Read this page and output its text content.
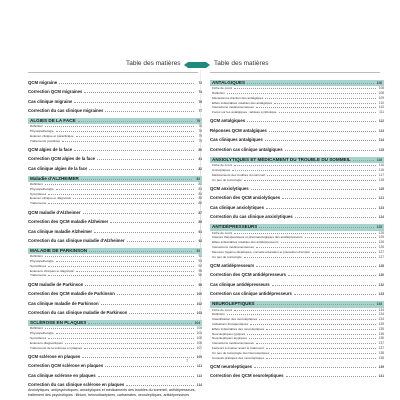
Table des matières	Table des matières
QCM migraine	72
Correction QCM migraines	74
Cas clinique migraine	76
Correction du cas clinique migraines	77
ALGIES DE LA FACE	78
Définition	78
Physiopathologie	78
Examen clinique et paraclinique	79
Traitements possibles	79
QCM algies de la face	80
Correction QCM algies de la face	81
Cas clinique algies de la face	82
Maladie d'ALZHEIMER	83
Définition	83
Physiopathologie	83
Symptômes	84
Examen clinique et diagnostic	85
Traitements	86
QCM maladie d'Alzheimer	87
Correction des QCM maladie Alzheimer	89
Cas clinique maladie Alzheimer	91
Correction du cas clinique maladie d'Alzheimer	92
MALADIE DE PARKINSON	93
Définition	93
Physiopathologie	93
Symptômes	94
Examens cliniques et diagnostic	95
Traitements	96
QCM maladie de Parkinson	98
Correction des QCM maladie de Parkinson	100
Cas clinique maladie de Parkinson	102
Correction du cas clinique maladie de Parkinson	103
SCLÉROSE EN PLAQUES	104
Définition	104
Physiopathologie	104
Symptômes	105
Examens diagnostiques	106
Traitements de la sclérose en plaques	107
QCM sclérose en plaques	109
Correction QCM sclérose en plaques	111
Cas clinique sclérose en plaques	113
Correction du cas clinique sclérose en plaques	114
Anxiolytiques, antipsychotiques, anxiolytiques et médicaments des troubles du sommeil, antidépresseurs, traitement des psychotiques : lithium, benzodiazépines, carbamates, neuroleptiques, antidépresseurs
ANTALGIQUES	108
Fiche de cours	108
Définition	108
Mécanismes d'action des antalgiques	109
Effets indésirables notables des antalgiques	110
Interactions médicamenteuses	110
Focus sur les antalgiques : tableau synthétique	111
QCM antalgiques	112
Réponses QCM antalgiques	113
Cas cliniques antalgiques	114
Correction cas clinique antalgiques	115
ANXIOLYTIQUES ET MÉDICAMENT DU TROUBLE DU SOMMEIL	116
Fiche de cours	116
Anxiolytiques	116
Médicaments des troubles du sommeil	117
Un peu de toxicologie	118
QCM anxiolytiques	119
Correction des QCM anxiolytiques	121
Cas clinique anxiolytiques	123
Correction du cas clinique anxiolytiques	124
ANTIDÉPRESSEURS	125
Fiche de cours	125
Classes thérapeutiques et pharmacologiques des antidépresseurs	125
Effets indésirables notables des antidépresseurs	126
Interactions médicamenteuses	126
Mesures hygiéno-diététiques, conseils éducation et précaution d'emploi	127
Un peu de toxicologie	127
QCM antidépresseurs	128
Correction des QCM antidépresseurs	130
Cas clinique antidépresseurs	132
Correction cas clinique antidépresseurs	133
NEUROLEPTIQUES	134
Fiche de cours	134
Définition	134
Classification des neuroleptiques	134
Indications thérapeutiques	135
Effets indésirables des neuroleptiques	135
Neuroleptiques typiques	136
Neuroleptiques atypiques	136
Interactions médicamenteuses	137
Facteurs à évaluer avant le traitement	137
Un peu de toxicologie des Neuroleptiques	138
Conseils pratiques des neuroleptiques	138
QCM neuroleptiques	139
Correction des QCM neuroleptiques	141
7
